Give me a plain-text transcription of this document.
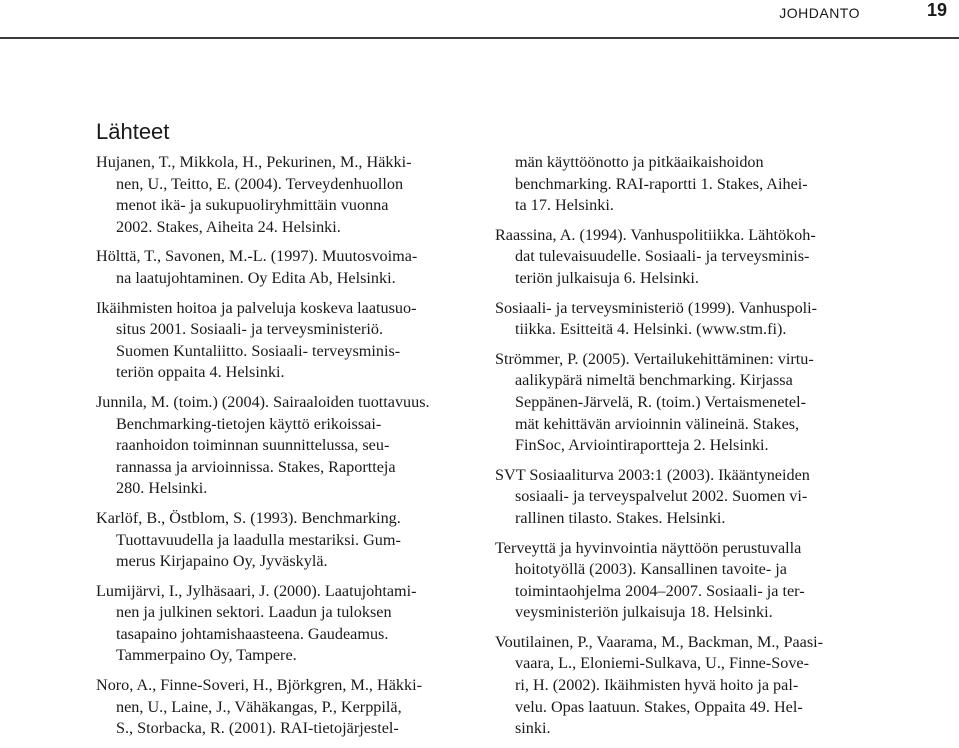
JOHDANTO	19
Lähteet
Hujanen, T., Mikkola, H., Pekurinen, M., Häkki-
nen, U., Teitto, E. (2004). Terveydenhuollon
menot ikä- ja sukupuoliryhmittäin vuonna
2002. Stakes, Aiheita 24. Helsinki.
Hölttä, T., Savonen, M.-L. (1997). Muutosvoima-
na laatujohtaminen. Oy Edita Ab, Helsinki.
Ikäihmisten hoitoa ja palveluja koskeva laatusuo-
situs 2001. Sosiaali- ja terveysministeriö.
Suomen Kuntaliitto. Sosiaali- terveysminis-
teriön oppaita 4. Helsinki.
Junnila, M. (toim.) (2004). Sairaaloiden tuottavuus.
Benchmarking-tietojen käyttö erikoissai-
raanhoidon toiminnan suunnittelussa, seu-
rannassa ja arvioinnissa. Stakes, Raportteja
280. Helsinki.
Karlöf, B., Östblom, S. (1993). Benchmarking.
Tuottavuudella ja laadulla mestariksi. Gum-
merus Kirjapaino Oy, Jyväskylä.
Lumijärvi, I., Jylhäsaari, J. (2000). Laatujohtami-
nen ja julkinen sektori. Laadun ja tuloksen
tasapaino johtamishaasteena. Gaudeamus.
Tammerpaino Oy, Tampere.
Noro, A., Finne-Soveri, H., Björkgren, M., Häkki-
nen, U., Laine, J., Vähäkangas, P., Kerppilä,
S., Storbacka, R. (2001). RAI-tietojärjestel-
män käyttöönotto ja pitkäaikaishoidon
benchmarking. RAI-raportti 1. Stakes, Aihei-
ta 17. Helsinki.
Raassina, A. (1994). Vanhuspolitiikka. Lähtökoh-
dat tulevaisuudelle. Sosiaali- ja terveysminis-
teriön julkaisuja 6. Helsinki.
Sosiaali- ja terveysministeriö (1999). Vanhuspoli-
tiikka. Esitteitä 4. Helsinki. (www.stm.fi).
Strömmer, P. (2005). Vertailukehittäminen: virtu-
aalikypärä nimeltä benchmarking. Kirjassa
Seppänen-Järvelä, R. (toim.) Vertaismenetel-
mät kehittävän arvioinnin välineinä. Stakes,
FinSoc, Arviointiraportteja 2. Helsinki.
SVT Sosiaaliturva 2003:1 (2003). Ikääntyneiden
sosiaali- ja terveyspalvelut 2002. Suomen vi-
rallinen tilasto. Stakes. Helsinki.
Terveyttä ja hyvinvointia näyttöön perustuvalla
hoitotyöllä (2003). Kansallinen tavoite- ja
toimintaohjelma 2004–2007. Sosiaali- ja ter-
veysministeriön julkaisuja 18. Helsinki.
Voutilainen, P., Vaarama, M., Backman, M., Paasi-
vaara, L., Eloniemi-Sulkava, U., Finne-Sove-
ri, H. (2002). Ikäihmisten hyvä hoito ja pal-
velu. Opas laatuun. Stakes, Oppaita 49. Hel-
sinki.
